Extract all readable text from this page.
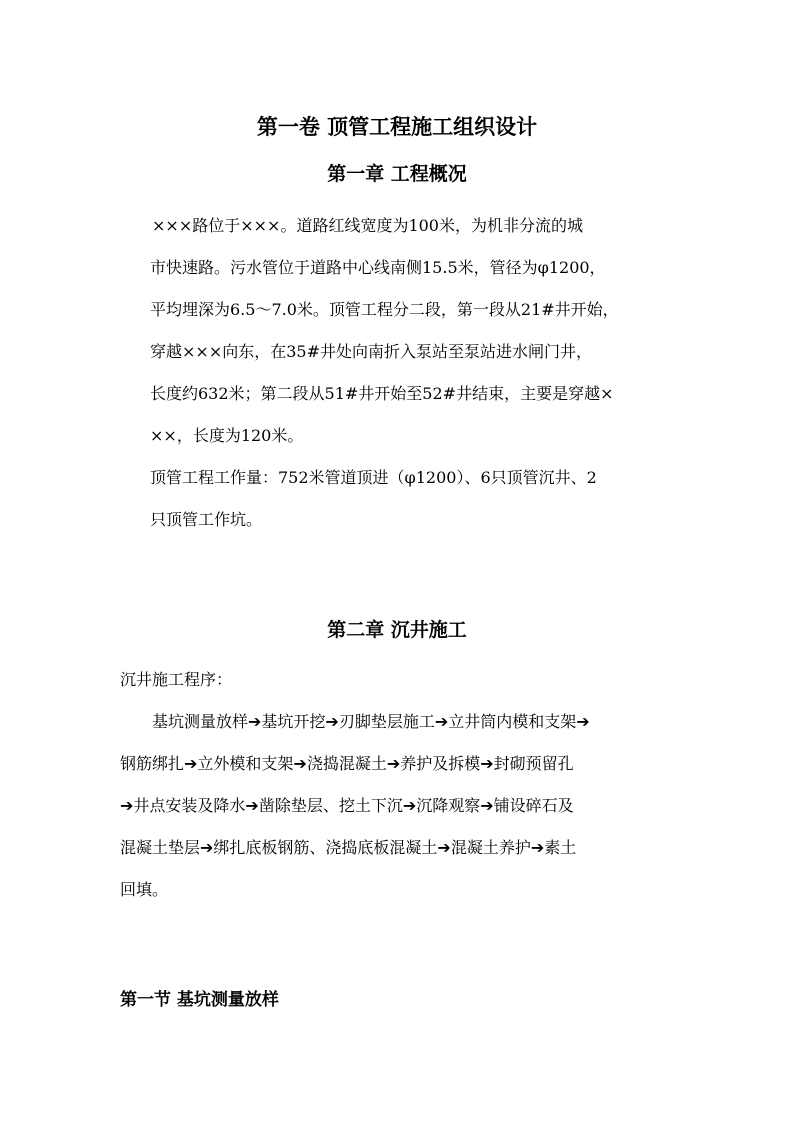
第一卷 顶管工程施工组织设计
第一章 工程概况
×××路位于×××。道路红线宽度为100米，为机非分流的城
市快速路。污水管位于道路中心线南侧15.5米，管径为φ1200，
平均埋深为6.5～7.0米。顶管工程分二段，第一段从21#井开始，
穿越×××向东，在35#井处向南折入泵站至泵站进水闸门井，
长度约632米；第二段从51#井开始至52#井结束，主要是穿越×
××，长度为120米。
顶管工程工作量：752米管道顶进（φ1200）、6只顶管沉井、2
只顶管工作坑。
第二章 沉井施工
沉井施工程序：
基坑测量放样➔基坑开挖➔刃脚垫层施工➔立井筒内模和支架➔
钢筋绑扎➔立外模和支架➔浇捣混凝土➔养护及拆模➔封砌预留孔
➔井点安装及降水➔凿除垫层、挖土下沉➔沉降观察➔铺设碎石及
混凝土垫层➔绑扎底板钢筋、浇捣底板混凝土➔混凝土养护➔素土
回填。
第一节 基坑测量放样
